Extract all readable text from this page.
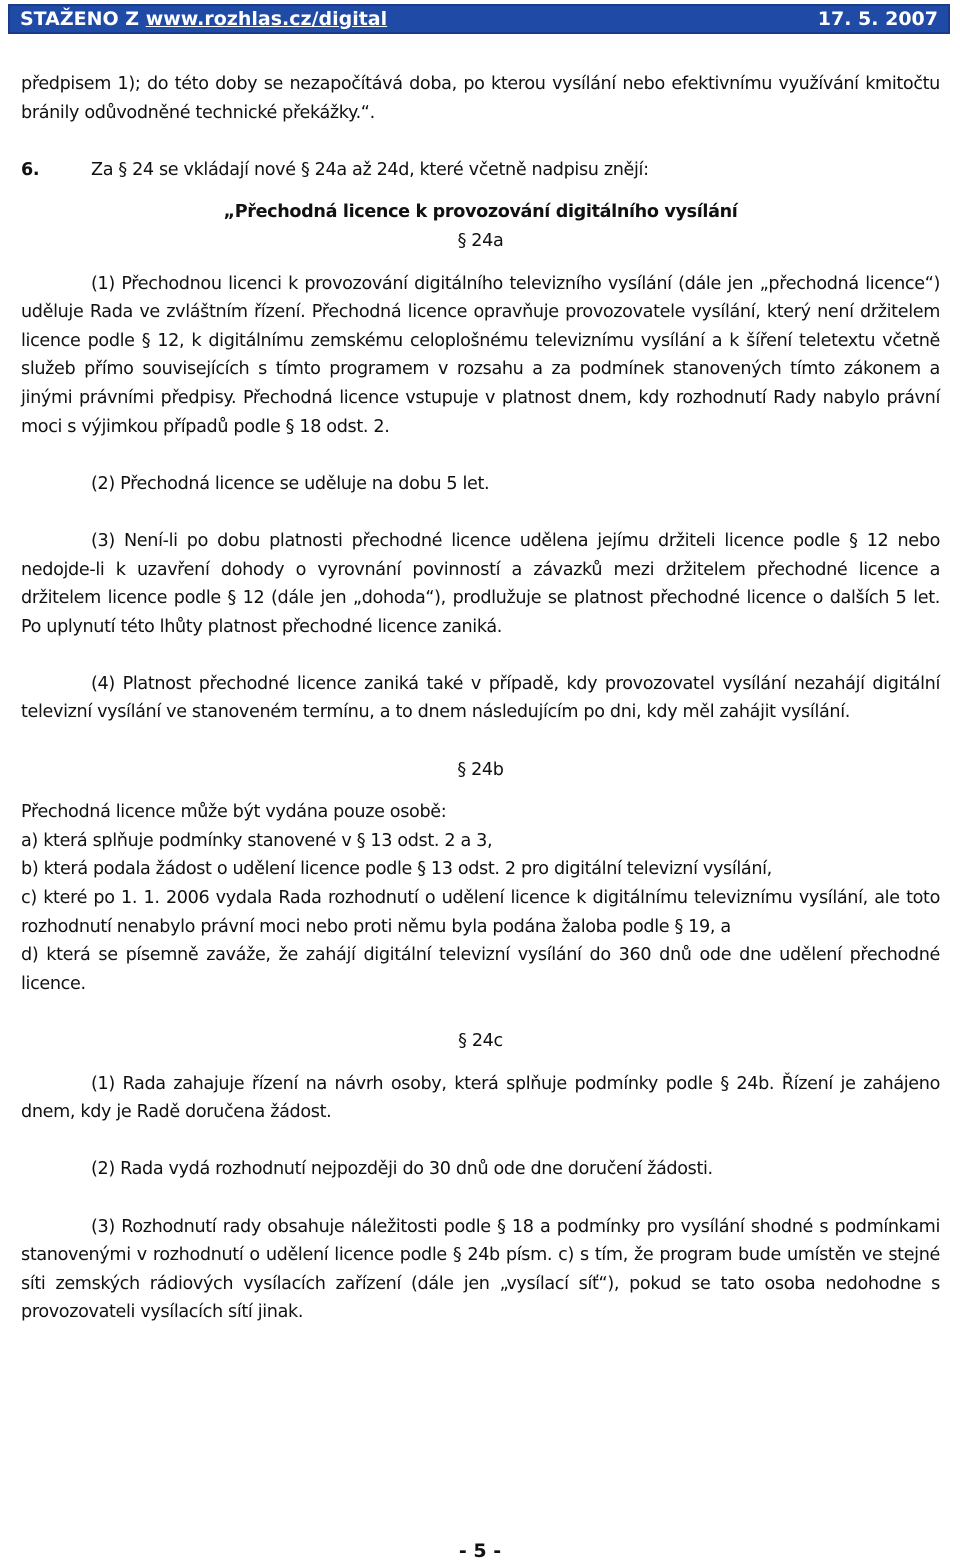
STAŽENO Z www.rozhlas.cz/digital	17. 5. 2007

předpisem 1); do této doby se nezapočítává doba, po kterou vysílání nebo efektivnímu využívání kmitočtu bránily odůvodněné technické překážky.“.

6.	Za § 24 se vkládají nové § 24a až 24d, které včetně nadpisu znějí:

„Přechodná licence k provozování digitálního vysílání

§ 24a

(1) Přechodnou licenci k provozování digitálního televizního vysílání (dále jen „přechodná licence“) uděluje Rada ve zvláštním řízení. Přechodná licence opravňuje provozovatele vysílání, který není držitelem licence podle § 12, k digitálnímu zemskému celoplošnému televiznímu vysílání a k šíření teletextu včetně služeb přímo souvisejících s tímto programem v rozsahu a za podmínek stanovených tímto zákonem a jinými právními předpisy. Přechodná licence vstupuje v platnost dnem, kdy rozhodnutí Rady nabylo právní moci s výjimkou případů podle § 18 odst. 2.

(2) Přechodná licence se uděluje na dobu 5 let.

(3) Není-li po dobu platnosti přechodné licence udělena jejímu držiteli licence podle § 12 nebo nedojde-li k uzavření dohody o vyrovnání povinností a závazků mezi držitelem přechodné licence a držitelem licence podle § 12 (dále jen „dohoda“), prodlužuje se platnost přechodné licence o dalších 5 let. Po uplynutí této lhůty platnost přechodné licence zaniká.

(4) Platnost přechodné licence zaniká také v případě, kdy provozovatel vysílání nezahájí digitální televizní vysílání ve stanoveném termínu, a to dnem následujícím po dni, kdy měl zahájit vysílání.

§ 24b

Přechodná licence může být vydána pouze osobě:

a) která splňuje podmínky stanovené v § 13 odst. 2 a 3,

b) která podala žádost o udělení licence podle § 13 odst. 2 pro digitální televizní vysílání,

c) které po 1. 1. 2006 vydala Rada rozhodnutí o udělení licence k digitálnímu televiznímu vysílání, ale toto rozhodnutí nenabylo právní moci nebo proti němu byla podána žaloba podle § 19, a

d) která se písemně zaváže, že zahájí digitální televizní vysílání do 360 dnů ode dne udělení přechodné licence.

§ 24c

(1) Rada zahajuje řízení na návrh osoby, která splňuje podmínky podle § 24b. Řízení je zahájeno dnem, kdy je Radě doručena žádost.

(2) Rada vydá rozhodnutí nejpozději do 30 dnů ode dne doručení žádosti.

(3) Rozhodnutí rady obsahuje náležitosti podle § 18 a podmínky pro vysílání shodné s podmínkami stanovenými v rozhodnutí o udělení licence podle § 24b písm. c) s tím, že program bude umístěn ve stejné síti zemských rádiových vysílacích zařízení (dále jen „vysílací síť“), pokud se tato osoba nedohodne s provozovateli vysílacích sítí jinak.

- 5 -
